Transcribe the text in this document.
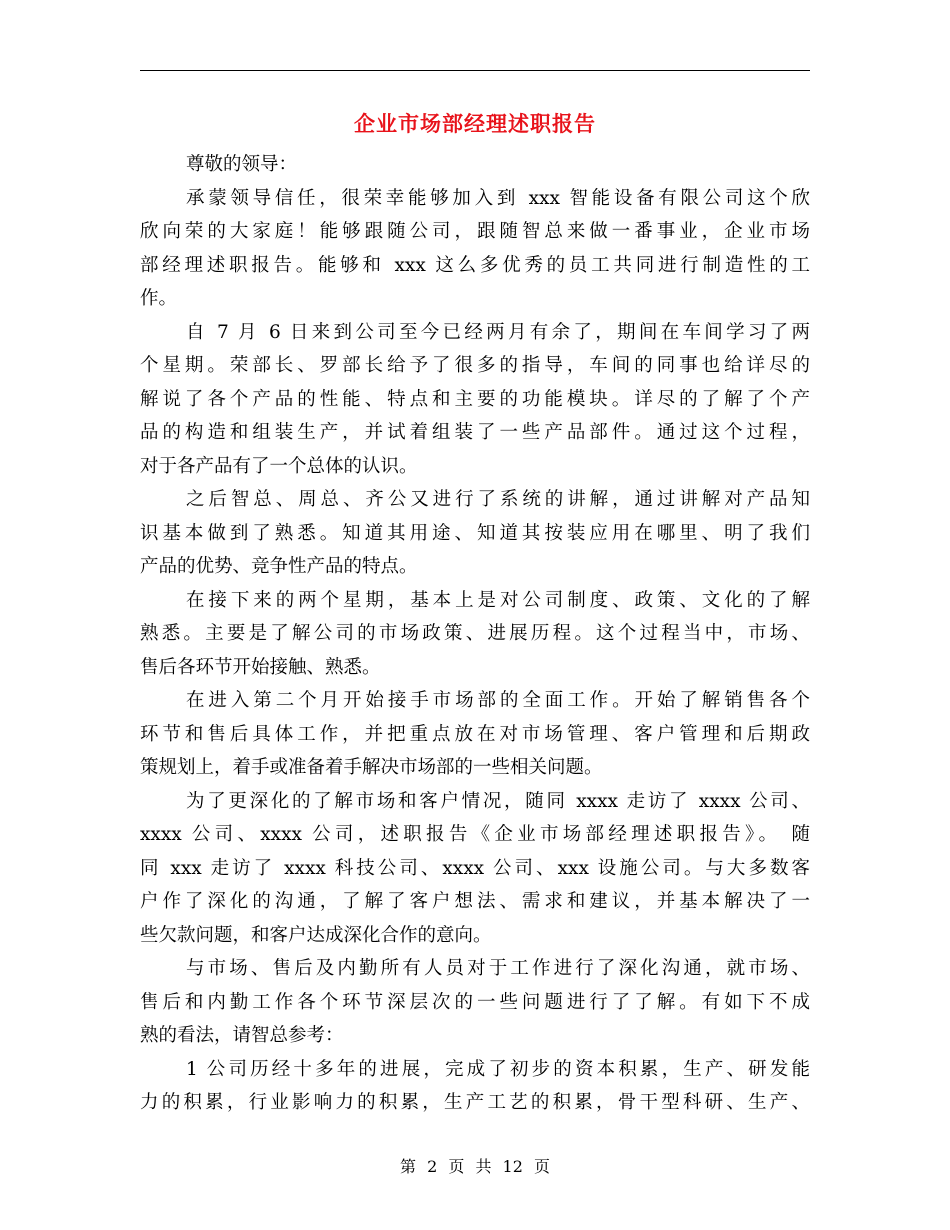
企业市场部经理述职报告
尊敬的领导：
承蒙领导信任，很荣幸能够加入到 xxx 智能设备有限公司这个欣
欣向荣的大家庭！能够跟随公司，跟随智总来做一番事业，企业市场
部经理述职报告。能够和 xxx 这么多优秀的员工共同进行制造性的工
作。
自 7 月 6 日来到公司至今已经两月有余了，期间在车间学习了两
个星期。荣部长、罗部长给予了很多的指导，车间的同事也给详尽的
解说了各个产品的性能、特点和主要的功能模块。详尽的了解了个产
品的构造和组装生产，并试着组装了一些产品部件。通过这个过程，
对于各产品有了一个总体的认识。
之后智总、周总、齐公又进行了系统的讲解，通过讲解对产品知
识基本做到了熟悉。知道其用途、知道其按装应用在哪里、明了我们
产品的优势、竞争性产品的特点。
在接下来的两个星期，基本上是对公司制度、政策、文化的了解
熟悉。主要是了解公司的市场政策、进展历程。这个过程当中，市场、
售后各环节开始接触、熟悉。
在进入第二个月开始接手市场部的全面工作。开始了解销售各个
环节和售后具体工作，并把重点放在对市场管理、客户管理和后期政
策规划上，着手或准备着手解决市场部的一些相关问题。
为了更深化的了解市场和客户情况，随同 xxxx 走访了 xxxx 公司、
xxxx 公司、xxxx 公司，述职报告《企业市场部经理述职报告》。 随
同 xxx 走访了 xxxx 科技公司、xxxx 公司、xxx 设施公司。与大多数客
户作了深化的沟通，了解了客户想法、需求和建议，并基本解决了一
些欠款问题，和客户达成深化合作的意向。
与市场、售后及内勤所有人员对于工作进行了深化沟通，就市场、
售后和内勤工作各个环节深层次的一些问题进行了了解。有如下不成
熟的看法，请智总参考：
1 公司历经十多年的进展，完成了初步的资本积累，生产、研发能
力的积累，行业影响力的积累，生产工艺的积累，骨干型科研、生产、
第 2 页 共 12 页
